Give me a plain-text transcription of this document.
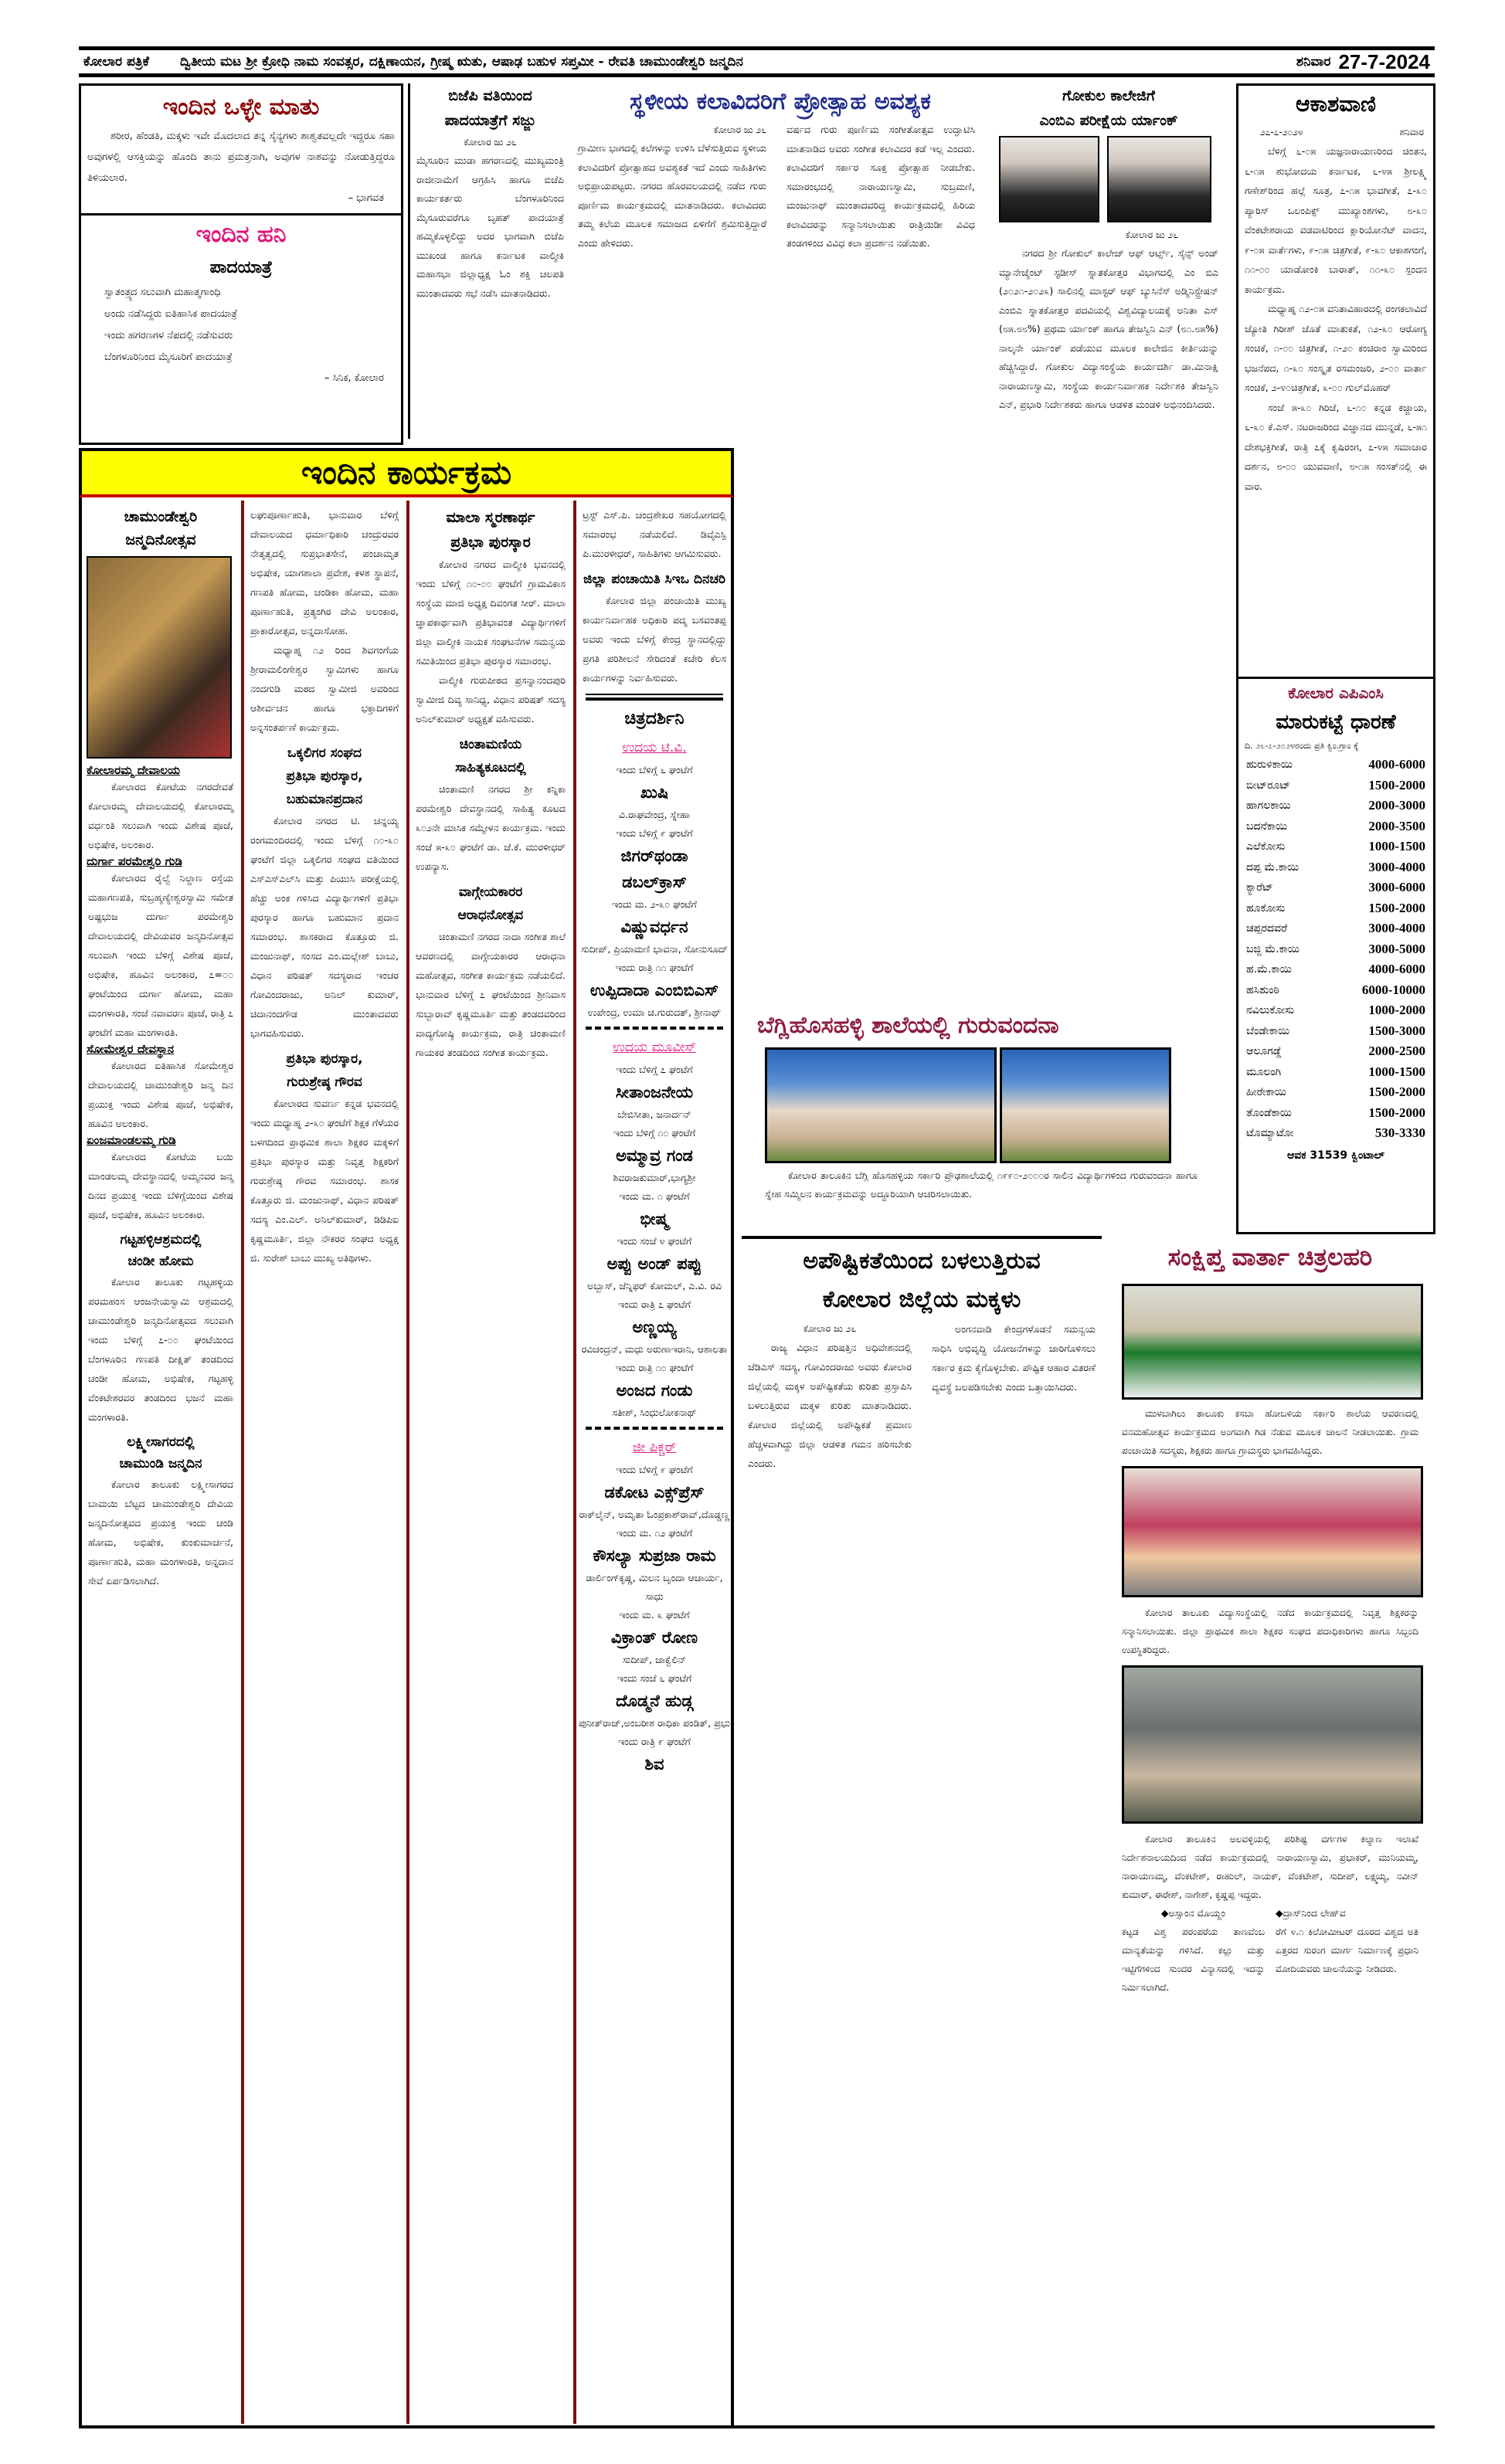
ಕೋಲಾರ ಪತ್ರಿಕೆ ದ್ವಿತೀಯ ಮಟ ಶ್ರೀ ಕ್ರೋಧಿ ನಾಮ ಸಂವತ್ಸರ, ದಕ್ಷಿಣಾಯನ, ಗ್ರೀಷ್ಮ ಋತು, ಆಷಾಢ ಬಹುಳ ಸಪ್ತಮೀ - ರೇವತಿ ಚಾಮುಂಡೇಶ್ವರಿ ಜನ್ಮದಿನ	ಶನಿವಾರ 27-7-2024
ಇಂದಿನ ಒಳ್ಳೇ ಮಾತು
ಶರೀರ, ಹೆಂಡತಿ, ಮಕ್ಕಳು ಇವೇ ಮೊದಲಾದ ತನ್ನ ಸೈನ್ಯಗಳು ಶಾಶ್ವತವಲ್ಲದೇ ಇದ್ದರೂ ಸಹಾ ಅವುಗಳಲ್ಲಿ ಆಸಕ್ತಿಯನ್ನು ಹೊಂದಿ ತಾನು ಪ್ರಮತ್ತನಾಗಿ, ಅವುಗಳ ನಾಶವನ್ನು ನೋಡುತ್ತಿದ್ದರೂ ತಿಳಿಯಲಾರ.
– ಭಾಗವತ
ಇಂದಿನ ಹನಿ
ಪಾದಯಾತ್ರೆ
ಸ್ವಾತಂತ್ರ್ಯದ ಸಲುವಾಗಿ ಮಹಾತ್ಮಗಾಂಧಿ
ಅಂದು ನಡೆಸಿದ್ದರು ಐತಿಹಾಸಿಕ ಪಾದಯಾತ್ರೆ
ಇಂದು ಹಗರಣಗಳ ನೆಪದಲ್ಲಿ ನಡೆಸುವರು
ಬೆಂಗಳೂರಿನಿಂದ ಮೈಸೂರಿಗೆ ಪಾದಯಾತ್ರೆ
– ಸಿನಿಕ, ಕೋಲಾರ
ಬಿಜೆಪಿ ವತಿಯಿಂದ
ಪಾದಯಾತ್ರೆಗೆ ಸಜ್ಜು
ಕೋಲಾರ ಜು ೨೬
ಮೈಸೂರಿನ ಮುಡಾ ಹಗರಣದಲ್ಲಿ ಮುಖ್ಯಮಂತ್ರಿ ರಾಜೀನಾಮೆಗೆ ಆಗ್ರಹಿಸಿ ಹಾಗೂ ಬಿಜೆಪಿ ಕಾರ್ಯಕರ್ತರು ಬೆಂಗಳೂರಿನಿಂದ ಮೈಸೂರುವರೆಗೂ ಬೃಹತ್ ಪಾದಯಾತ್ರೆ ಹಮ್ಮಿಕೊಳ್ಳಲಿದ್ದು ಅದರ ಭಾಗವಾಗಿ ಬಿಜೆಪಿ ಮುಖಂಡ ಹಾಗೂ ಕರ್ನಾಟಕ ವಾಲ್ಮೀಕಿ ಮಹಾಸಭಾ ಜಿಲ್ಲಾಧ್ಯಕ್ಷ ಓಂ ಶಕ್ತಿ ಚಲಪತಿ ಮುಂತಾದವರು ಸಭೆ ನಡೆಸಿ ಮಾತನಾಡಿದರು.
ಸ್ಥಳೀಯ ಕಲಾವಿದರಿಗೆ ಪ್ರೋತ್ಸಾಹ ಅವಶ್ಯಕ
ಕೋಲಾರ ಜು ೨೬
ಗ್ರಾಮೀಣ ಭಾಗದಲ್ಲಿ ಕಲೆಗಳನ್ನು ಉಳಿಸಿ ಬೆಳೆಸುತ್ತಿರುವ ಸ್ಥಳೀಯ ಕಲಾವಿದರಿಗೆ ಪ್ರೋತ್ಸಾಹದ ಅವಶ್ಯಕತೆ ಇದೆ ಎಂದು ಸಾಹಿತಿಗಳು ಅಭಿಪ್ರಾಯಪಟ್ಟರು. ನಗರದ ಹೊರವಲಯದಲ್ಲಿ ನಡೆದ ಗುರು ಪೂರ್ಣಿಮ ಕಾರ್ಯಕ್ರಮದಲ್ಲಿ ಮಾತನಾಡಿದರು. ಕಲಾವಿದರು ತಮ್ಮ ಕಲೆಯ ಮೂಲಕ ಸಮಾಜದ ಏಳಿಗೆಗೆ ಶ್ರಮಿಸುತ್ತಿದ್ದಾರೆ ಎಂದು ಹೇಳಿದರು.
ವರ್ಷದ ಗುರು ಪೂರ್ಣಿಮ ಸಂಗೀತೋತ್ಸವ ಉದ್ಘಾಟಿಸಿ ಮಾತನಾಡಿದ ಅವರು ಸಂಗೀತ ಕಲಾವಿದರ ಕಡೆ ಇಲ್ಲ ಎಂದರು. ಕಲಾವಿದರಿಗೆ ಸರ್ಕಾರ ಸೂಕ್ತ ಪ್ರೋತ್ಸಾಹ ನೀಡಬೇಕು. ಸಮಾರಂಭದಲ್ಲಿ ನಾರಾಯಣಸ್ವಾಮಿ, ಸುಬ್ರಮಣಿ, ಮಂಜುನಾಥ್ ಮುಂತಾದವರಿದ್ದ ಕಾರ್ಯಕ್ರಮದಲ್ಲಿ ಹಿರಿಯ ಕಲಾವಿದರನ್ನು ಸನ್ಮಾನಿಸಲಾಯಿತು ರಾತ್ರಿಯಿಡೀ ವಿವಿಧ ತಂಡಗಳಿಂದ ವಿವಿಧ ಕಲಾ ಪ್ರದರ್ಶನ ನಡೆಯಿತು.
ಗೋಕುಲ ಕಾಲೇಜಿಗೆ
ಎಂಬಿಎ ಪರೀಕ್ಷೆಯ ರ್ಯಾಂಕ್
ಕೋಲಾರ ಜು ೨೬
ನಗರದ ಶ್ರೀ ಗೋಕುಲ್ ಕಾಲೇಜ್ ಆಫ್ ಆರ್ಟ್ಸ್, ಸೈನ್ಸ್ ಅಂಡ್ ಮ್ಯಾನೇಜ್ಮೆಂಟ್ ಸ್ಟಡೀಸ್ ಸ್ನಾತಕೋತ್ತರ ವಿಭಾಗದಲ್ಲಿ ಎಂ ಬಿಎ (೨೦೨೧-೨೦೨೩) ಸಾಲಿನಲ್ಲಿ ಮಾಸ್ಟರ್ ಆಫ್ ಬ್ಯುಸಿನೆಸ್ ಅಡ್ಮಿನಿಸ್ಟ್ರೇಷನ್ ಎಂಬಿಎ ಸ್ನಾತಕೋತ್ತರ ಪದವಿಯಲ್ಲಿ ವಿಶ್ವವಿದ್ಯಾಲಯಕ್ಕೆ ಅನಿತಾ ಎಸ್ (೮೫.೮೮%) ಪ್ರಥಮ ರ್ಯಾಂಕ್ ಹಾಗೂ ತೇಜಸ್ವಿನಿ ಎನ್ (೮೧.೮೫%) ನಾಲ್ಕನೇ ರ್ಯಾಂಕ್ ಪಡೆಯುವ ಮೂಲಕ ಕಾಲೇಜಿನ ಕೀರ್ತಿಯನ್ನು ಹೆಚ್ಚಿಸಿದ್ದಾರೆ. ಗೋಕುಲ ವಿದ್ಯಾಸಂಸ್ಥೆಯ ಕಾರ್ಯದರ್ಶಿ ಡಾ.ಮಿನಾಕ್ಷಿ ನಾರಾಯಣಸ್ವಾಮಿ, ಸಂಸ್ಥೆಯ ಕಾರ್ಯನಿರ್ವಾಹಕ ನಿರ್ದೇಶಕಿ ತೇಜಸ್ವಿನಿ ಎನ್, ಪ್ರಭಾರಿ ನಿರ್ದೇಶಕರು ಹಾಗೂ ಆಡಳಿತ ಮಂಡಳಿ ಅಭಿನಂದಿಸಿದರು.
ಆಕಾಶವಾಣಿ
೨೭-೭-೨೦೨೪	ಶನಿವಾರ
ಬೆಳಿಗ್ಗೆ ೬-೦೫ ಯಜ್ಞನಾರಾಯಣರಿಂದ ಚಿಂತನ, ೬-೧೫ ಶುಭೋದಯ ಕರ್ನಾಟಕ, ೬-೪೫ ಶ್ರೀಲಕ್ಷ್ಮಿ ಗಣೇಶ್‌ರಿಂದ ಹಲ್ಲೆ ಸೂತ್ರ, ೭-೧೫ ಭಾವಗೀತೆ, ೭-೩೦ ಪ್ಯಾರಿಸ್ ಒಲಂಪಿಕ್ಸ್ ಮುಖ್ಯಾಂಶಗಳು, ೮-೩೦ ವೆಂಕಟೇಶರಾಯ ವಡವಾಟಿರಿಂದ ಕ್ಲಾರಿಯೋನೆಟ್ ವಾದನ, ೯-೦೫ ವಾರ್ತೆಗಳು, ೯-೧೫ ಚಿತ್ರಗೀತೆ, ೯-೩೦ ಆಕಾಶಗಂಗೆ, ೧೧-೦೦ ಯಾಡೋಂಕಿ ಬಾರಾತ್, ೧೧-೩೦ ಸ್ಪಂದನ ಕಾರ್ಯಕ್ರಮ.
ಮಧ್ಯಾಹ್ನ ೧೨-೦೫ ವನಿತಾವಿಹಾರದಲ್ಲಿ ರಂಗಕಲಾವಿದೆ ಜ್ಯೋತಿ ಗಿರೀಶ್ ಜೊತೆ ಮಾತುಕತೆ, ೧೨-೩೦ ಆರೋಗ್ಯ ಸಂಚಿಕೆ, ೧-೦೦ ಚಿತ್ರಗೀತೆ, ೧-೨೦ ಕಂಚಿರಾಂ ಸ್ವಾಮಿರಿಂದ ಭಜನೆಪದ, ೧-೩೦ ಸಂಸ್ಕೃತ ರಸಮಂಜರಿ, ೨-೦೦ ವಾರ್ತಾ ಸಂಚಿಕೆ, ೨-೪೦ಚಿತ್ರಗೀತೆ, ೩-೦೦ ಗುಲ್‌ಮೊಹರ್
ಸಂಜೆ ೫-೩೦ ಗಿರಿಜೆ, ೬-೧೦ ಕನ್ನಡ ಕಜ್ಜಾಯ, ೬-೩೦ ಕೆ.ಎಸ್. ನಟರಾಜರಿಂದ ವಿಜ್ಞಾನದ ಮುನ್ನಡೆ, ೬-೫೧ ದೇಶಭಕ್ತಿಗೀತೆ, ರಾತ್ರಿ ೭ಕ್ಕೆ ಕೃಷಿರಂಗ, ೭-೪೫ ಸಮಾಚಾರ ದರ್ಶನ, ೮-೦೦ ಯುವವಾಣಿ, ೮-೧೫ ಸಂಸತ್‌ನಲ್ಲಿ ಈ ವಾರ.
ಕೋಲಾರ ಎಪಿಎಂಸಿ
ಮಾರುಕಟ್ಟೆ ಧಾರಣೆ
ದಿ. ೨೬-೭-೨೦೨೪ರಂದು ಪ್ರತಿ ಕ್ವಿಂ.ಗ್ರಾಂ ಕ್ಕೆ
ಹುರುಳಿಕಾಯಿ	4000-6000
ಬೀಟ್‌ರೂಟ್	1500-2000
ಹಾಗಲಕಾಯಿ	2000-3000
ಬದನೆಕಾಯಿ	2000-3500
ಎಲೆಕೋಸು	1000-1500
ದಪ್ಪ ಮೆ.ಕಾಯಿ	3000-4000
ಕ್ಯಾರೆಟ್	3000-6000
ಹೂಕೋಸು	1500-2000
ಚಪ್ಪರದವರೆ	3000-4000
ಬಜ್ಜಿ ಮೆ.ಕಾಯಿ	3000-5000
ಹ.ಮೆ.ಕಾಯಿ	4000-6000
ಹಸಿಶುಂಠಿ	6000-10000
ನವಿಲುಕೋಸು	1000-2000
ಬೆಂಡೇಕಾಯಿ	1500-3000
ಆಲೂಗಡ್ಡೆ	2000-2500
ಮೂಲಂಗಿ	1000-1500
ಹೀರೇಕಾಯಿ	1500-2000
ತೊಂಡೆಕಾಯಿ	1500-2000
ಟೊಮ್ಯಾಟೋ	530-3330
ಆವಕ 31539 ಕ್ವಿಂಟಾಲ್
ಇಂದಿನ ಕಾರ್ಯಕ್ರಮ
ಚಾಮುಂಡೇಶ್ವರಿ
ಜನ್ಮದಿನೋತ್ಸವ
ಕೋಲಾರಮ್ಮ ದೇವಾಲಯ
ಕೋಲಾರದ ಕೋಟೆಯ ನಗರದೇವತೆ ಕೋಲಾರಮ್ಮ ದೇವಾಲಯದಲ್ಲಿ ಕೋಲಾರಮ್ಮ ವರ್ಧಂತಿ ಸಲುವಾಗಿ ಇಂದು ವಿಶೇಷ ಪೂಜೆ, ಅಭಿಷೇಕ, ಅಲಂಕಾರ.
ದುರ್ಗಾ ಪರಮೇಶ್ವರಿ ಗುಡಿ
ಕೋಲಾರದ ರೈಲ್ವೆ ನಿಲ್ದಾಣ ರಸ್ತೆಯ ಮಹಾಗಣಪತಿ, ಸುಬ್ರಹ್ಮಣ್ಯೇಶ್ವರಸ್ವಾಮಿ ಸಮೇತ ಅಷ್ಟಭುಜ ದುರ್ಗಾ ಪರಮೇಶ್ವರಿ ದೇವಾಲಯದಲ್ಲಿ ದೇವಿಯವರ ಜನ್ಮದಿನೋತ್ಸವ ಸಲುವಾಗಿ ಇಂದು ಬೆಳಿಗ್ಗೆ ವಿಶೇಷ ಪೂಜೆ, ಅಭಿಷೇಕ, ಹೂವಿನ ಅಲಂಕಾರ, ೭=೦೦ ಘಂಟೆಯಿಂದ ದುರ್ಗಾ ಹೋಮ, ಮಹಾ ಮಂಗಳಾರತಿ, ಸಂಜೆ ನವಾವರಣ ಪೂಜೆ, ರಾತ್ರಿ ೭ ಘಂಟೆಗೆ ಮಹಾ ಮಂಗಳಾರತಿ.
ಸೋಮೇಶ್ವರ ದೇವಸ್ಥಾನ
ಕೋಲಾರದ ಐತಿಹಾಸಿಕ ಸೋಮೇಶ್ವರ ದೇವಾಲಯದಲ್ಲಿ ಚಾಮುಂಡೇಶ್ವರಿ ಜನ್ಮ ದಿನ ಪ್ರಯುಕ್ತ ಇಂದು ವಿಶೇಷ ಪೂಜೆ, ಅಭಿಷೇಕ, ಹೂವಿನ ಅಲಂಕಾರ.
ಏಂಜಮಾಂಡಲಮ್ಮ ಗುಡಿ
ಕೋಲಾರದ ಕೋಟೆಯ ಬಯಿ ಮಾಂಡಲಮ್ಮ ದೇವಸ್ಥಾನದಲ್ಲಿ ಅಮ್ಮನವರ ಜನ್ಮ ದಿನದ ಪ್ರಯುಕ್ತ ಇಂದು ಬೆಳಿಗ್ಗೆಯಿಂದ ವಿಶೇಷ ಪೂಜೆ, ಅಭಿಷೇಕ, ಹೂವಿನ ಅಲಂಕಾರ.
ಗಟ್ಟಹಳ್ಳಿಆಶ್ರಮದಲ್ಲಿ
ಚಂಡೀ ಹೋಮ
ಕೋಲಾರ ತಾಲೂಕು ಗಟ್ಟಹಳ್ಳಿಯ ಪರಮಹಂಸ ಆಂಜನೇಯಸ್ವಾಮಿ ಆಶ್ರಮದಲ್ಲಿ ಚಾಮುಂಡೇಶ್ವರಿ ಜನ್ಮದಿನೋತ್ಸವದ ಸಲುವಾಗಿ ಇಂದು ಬೆಳಿಗ್ಗೆ ೭-೦೦ ಘಂಟೆಯಿಂದ ಬೆಂಗಳೂರಿನ ಗಣಪತಿ ದೀಕ್ಷಿತ್ ತಂಡದಿಂದ ಚಂಡೀ ಹೋಮ, ಅಭಿಷೇಕ, ಗಟ್ಟಹಳ್ಳಿ ವೆಂಕಟೇಶರವರ ತಂಡದಿಂದ ಭಜನೆ ಮಹಾ ಮಂಗಳಾರತಿ.
ಲಕ್ಷ್ಮೀಸಾಗರದಲ್ಲಿ
ಚಾಮುಂಡಿ ಜನ್ಮದಿನ
ಕೋಲಾರ ತಾಲೂಕು ಲಕ್ಷ್ಮೀಸಾಗರದ ಬಾಮಯಿ ಬೆಟ್ಟದ ಚಾಮುಂಡೇಶ್ವರಿ ದೇವಿಯ ಜನ್ಮದಿನೋತ್ಸವದ ಪ್ರಯುಕ್ತ ಇಂದು ಚಂಡಿ ಹೋಮ, ಅಭಿಷೇಕ, ಕುಂಕುಮಾರ್ಚನೆ, ಪೂರ್ಣಾಹುತಿ, ಮಹಾ ಮಂಗಳಾರತಿ, ಅನ್ನದಾನ ಸೇವೆ ಏರ್ಪಡಿಸಲಾಗಿದೆ.
ಲಘುಪೂರ್ಣಾಹುತಿ, ಭಾನುವಾರ ಬೆಳಿಗ್ಗೆ ದೇವಾಲಯದ ಧರ್ಮಾಧಿಕಾರಿ ಚಂದ್ರುರವರ ನೇತೃತ್ವದಲ್ಲಿ ಸುಪ್ರಭಾತಸೇನೆ, ಪಂಚಾಮೃತ ಅಭಿಷೇಕ, ಯಾಗಶಾಲಾ ಪ್ರವೇಶ, ಕಳಶ ಸ್ಥಾಪನೆ, ಗಣಪತಿ ಹೋಮ, ಚಂಡಿಕಾ ಹೋಮ, ಮಹಾ ಪೂರ್ಣಾಹುತಿ, ಪ್ರತ್ಯಂಗಿರ ದೇವಿ ಅಲಂಕಾರ, ಪ್ರಾಕಾರೋತ್ಸವ, ಅನ್ನದಾಸೋಹ.
ಮಧ್ಯಾಹ್ನ ೧೨ ರಿಂದ ಶಿವಗಂಗೆಯ ಶ್ರೀರಾಮಲಿಂಗೇಶ್ವರ ಸ್ವಾಮಿಗಳು ಹಾಗೂ ನಂದಗುಡಿ ಮಠದ ಸ್ವಾಮೀಜಿ ಅವರಿಂದ ಆಶೀರ್ವಚನ ಹಾಗೂ ಭಕ್ತಾದಿಗಳಿಗೆ ಅನ್ನಸಂತರ್ಪಣೆ ಕಾರ್ಯಕ್ರಮ.
ಒಕ್ಕಲಿಗರ ಸಂಘದ
ಪ್ರತಿಭಾ ಪುರಸ್ಕಾರ,
ಬಹುಮಾನಪ್ರದಾನ
ಕೋಲಾರ ನಗರದ ಟಿ. ಚನ್ನಯ್ಯ ರಂಗಮಂದಿರದಲ್ಲಿ ಇಂದು ಬೆಳಿಗ್ಗೆ ೧೦-೩೦ ಘಂಟೆಗೆ ಜಿಲ್ಲಾ ಒಕ್ಕಲಿಗರ ಸಂಘದ ವತಿಯಿಂದ ಎಸ್ಎಸ್ಎಲ್‌ಸಿ ಮತ್ತು ಪಿಯುಸಿ ಪರೀಕ್ಷೆಯಲ್ಲಿ ಹೆಚ್ಚು ಅಂಕ ಗಳಿಸಿದ ವಿದ್ಯಾರ್ಥಿಗಳಿಗೆ ಪ್ರತಿಭಾ ಪುರಸ್ಕಾರ ಹಾಗೂ ಬಹುಮಾನ ಪ್ರದಾನ ಸಮಾರಂಭ. ಶಾಸಕರಾದ ಕೊತ್ತೂರು ಜಿ. ಮಂಜುನಾಥ್, ಸಂಸದ ಎಂ.ಮಲ್ಲೇಶ್ ಬಾಬು, ವಿಧಾನ ಪರಿಷತ್ ಸದಸ್ಯರಾದ ಇಂಚರ ಗೋವಿಂದರಾಜು, ಅನಿಲ್ ಕುಮಾರ್, ಚಿದಾನಂದಗೌಡ ಮುಂತಾದವರು ಭಾಗವಹಿಸುವರು.
ಪ್ರತಿಭಾ ಪುರಸ್ಕಾರ,
ಗುರುಶ್ರೇಷ್ಠ ಗೌರವ
ಕೋಲಾರದ ಸುವರ್ಣ ಕನ್ನಡ ಭವನದಲ್ಲಿ ಇಂದು ಮಧ್ಯಾಹ್ನ ೨-೩೦ ಘಂಟೆಗೆ ಶಿಕ್ಷಕ ಗೆಳೆಯರ ಬಳಗದಿಂದ ಪ್ರಾಥಮಿಕ ಶಾಲಾ ಶಿಕ್ಷಕರ ಮಕ್ಕಳಿಗೆ ಪ್ರತಿಭಾ ಪುರಸ್ಕಾರ ಮತ್ತು ನಿವೃತ್ತ ಶಿಕ್ಷಕರಿಗೆ ಗುರುಶ್ರೇಷ್ಠ ಗೌರವ ಸಮಾರಂಭ. ಶಾಸಕ ಕೊತ್ತೂರು ಜಿ. ಮಂಜುನಾಥ್, ವಿಧಾನ ಪರಿಷತ್ ಸದಸ್ಯ ಎಂ.ಎಲ್. ಅನಿಲ್‌ಕುಮಾರ್, ಡಿಡಿಪಿಐ ಕೃಷ್ಣಮೂರ್ತಿ, ಜಿಲ್ಲಾ ನೌಕರರ ಸಂಘದ ಅಧ್ಯಕ್ಷ ಜಿ. ಸುರೇಶ್ ಬಾಬು ಮುಖ್ಯ ಅತಿಥಿಗಳು.
ಮಾಲಾ ಸ್ಮರಣಾರ್ಥ
ಪ್ರತಿಭಾ ಪುರಸ್ಕಾರ
ಕೋಲಾರ ನಗರದ ವಾಲ್ಮೀಕಿ ಭವನದಲ್ಲಿ ಇಂದು ಬೆಳಿಗ್ಗೆ ೧೦-೦೦ ಘಂಟೆಗೆ ಗ್ರಾಮವಿಕಾಸ ಸಂಸ್ಥೆಯ ಮಾಜಿ ಅಧ್ಯಕ್ಷ ದಿವಂಗತ ಸೀರ್. ಮಾಲಾ ಜ್ಞಾಪಕಾರ್ಥವಾಗಿ ಪ್ರತಿಭಾವಂತ ವಿದ್ಯಾರ್ಥಿಗಳಿಗೆ ಜಿಲ್ಲಾ ವಾಲ್ಮೀಕಿ ನಾಯಕ ಸಂಘಟನೆಗಳ ಸಮನ್ವಯ ಸಮಿತಿಯಿಂದ ಪ್ರತಿಭಾ ಪುರಸ್ಕಾರ ಸಮಾರಂಭ.
ವಾಲ್ಮೀಕಿ ಗುರುಪೀಠದ ಪ್ರಸನ್ನಾನಂದಪುರಿ ಸ್ವಾಮೀಜಿ ದಿವ್ಯ ಸಾನಿಧ್ಯ, ವಿಧಾನ ಪರಿಷತ್ ಸದಸ್ಯ ಅನಿಲ್‌ಕುಮಾರ್ ಅಧ್ಯಕ್ಷತೆ ವಹಿಸುವರು.
ಚಿಂತಾಮಣಿಯ
ಸಾಹಿತ್ಯಕೂಟದಲ್ಲಿ
ಚಿಂತಾಮಣಿ ನಗರದ ಶ್ರೀ ಕನ್ನಿಕಾ ಪರಮೇಶ್ವರಿ ದೇವಸ್ಥಾನದಲ್ಲಿ ಸಾಹಿತ್ಯ ಕೂಟದ ೩೦೨ನೇ ಮಾಸಿಕ ಸಮ್ಮೇಳನ ಕಾರ್ಯಕ್ರಮ. ಇಂದು ಸಂಜೆ ೫-೩೦ ಘಂಟೆಗೆ ಡಾ. ಜೆ.ಕೆ. ಮುರಳೀಧರ್ ಉಪನ್ಯಾಸ.
ವಾಗ್ಗೇಯಕಾರರ
ಆರಾಧನೋತ್ಸವ
ಚಿಂತಾಮಣಿ ನಗರದ ನಾದಾ ಸಂಗೀತ ಶಾಲೆ ಆವರಣದಲ್ಲಿ ವಾಗ್ಗೇಯಕಾರರ ಆರಾಧನಾ ಮಹೋತ್ಸವ, ಸಂಗೀತ ಕಾರ್ಯಕ್ರಮ ನಡೆಯಲಿದೆ. ಭಾನುವಾರ ಬೆಳಿಗ್ಗೆ ೭ ಘಂಟೆಯಿಂದ ಶ್ರೀನಿವಾಸ ಸುಬ್ಬಾರಾವ್ ಕೃಷ್ಣಮೂರ್ತಿ ಮತ್ತು ತಂಡದವರಿಂದ ವಾದ್ಯಗೋಷ್ಠಿ ಕಾರ್ಯಕ್ರಮ, ರಾತ್ರಿ ಚಿಂತಾಮಣಿ ಗಾಯಕರ ತಂಡದಿಂದ ಸಂಗೀತ ಕಾರ್ಯಕ್ರಮ.
ಟ್ರಸ್ಟ್ ಎಸ್.ಪಿ. ಚಂದ್ರಶೇಖರ ಸಹಯೋಗದಲ್ಲಿ ಸಮಾರಂಭ ನಡೆಯಲಿದೆ. ಡಿವೈಎಸ್ಪಿ ಪಿ.ಮುರಳೀಧರ್, ಸಾಹಿತಿಗಳು ಆಗಮಿಸುವರು.
ಜಿಲ್ಲಾ ಪಂಚಾಯಿತಿ ಸಿಇಒ ದಿನಚರಿ
ಕೋಲಾರ ಜಿಲ್ಲಾ ಪಂಚಾಯಿತಿ ಮುಖ್ಯ ಕಾರ್ಯನಿರ್ವಾಹಕ ಅಧಿಕಾರಿ ಪದ್ಮ ಬಸವಂತಪ್ಪ ಅವರು ಇಂದು ಬೆಳಿಗ್ಗೆ ಕೇಂದ್ರ ಸ್ಥಾನದಲ್ಲಿದ್ದು ಪ್ರಗತಿ ಪರಿಶೀಲನೆ ಸೇರಿದಂತೆ ಕಚೇರಿ ಕೆಲಸ ಕಾರ್ಯಗಳನ್ನು ನಿರ್ವಹಿಸುವರು.
ಚಿತ್ರದರ್ಶಿನಿ
ಉದಯ ಟಿ.ವಿ.
ಇಂದು ಬೆಳಿಗ್ಗೆ ೬ ಘಂಟೆಗೆ
ಖುಷಿ
ವಿ.ರಾಘವೇಂದ್ರ, ಸ್ನೇಹಾ
ಇಂದು ಬೆಳಿಗ್ಗೆ ೯ ಘಂಟೆಗೆ
ಜಿಗರ್‌ಥಂಡಾ
ಡಬಲ್‌ಕ್ರಾಸ್
ಇಂದು ಮ. ೨-೩೦ ಘಂಟೆಗೆ
ವಿಷ್ಣುವರ್ಧನ
ಸುದೀಪ್, ಪ್ರಿಯಾಮಣಿ ಭಾವನಾ, ಸೋನುಸೂದ್
ಇಂದು ರಾತ್ರಿ ೧೧ ಘಂಟೆಗೆ
ಉಪ್ಪಿದಾದಾ ಎಂಬಿಬಿಎಸ್
ಉಪೇಂದ್ರ, ಉಮಾ ಚಿ.ಗುರುದತ್, ಶ್ರೀನಾಥ್
ಉದಯ ಮೂವೀಸ್
ಇಂದು ಬೆಳಿಗ್ಗೆ ೭ ಘಂಟೆಗೆ
ಸೀತಾಂಜನೇಯ
ಬೇಬಿಸೀತಾ, ಜನಾರ್ದನ್
ಇಂದು ಬೆಳಿಗ್ಗೆ ೧೦ ಘಂಟೆಗೆ
ಅಮ್ಮಾವ್ರ ಗಂಡ
ಶಿವರಾಜಕುಮಾರ್,ಭಾಗ್ಯಶ್ರೀ
ಇಂದು ಮ. ೧ ಘಂಟೆಗೆ
ಭೀಷ್ಮ
ಇಂದು ಸಂಜೆ ೪ ಘಂಟೆಗೆ
ಅಪ್ಪು ಅಂಡ್ ಪಪ್ಪು
ಅಬ್ಬಾಸ್, ಜೆನ್ನಿಫರ್ ಕೋಮಲ್, ಎ.ವಿ. ರವಿ
ಇಂದು ರಾತ್ರಿ ೭ ಘಂಟೆಗೆ
ಅಣ್ಣಯ್ಯ
ರವಿಚಂದ್ರನ್, ಮಧು ಅರುಣಾಇರಾನಿ, ಆಶಾಲತಾ
ಇಂದು ರಾತ್ರಿ ೧೦ ಘಂಟೆಗೆ
ಅಂಜದ ಗಂಡು
ಸತೀಶ್, ಸಿಂಧುಲೋಕನಾಥ್
ಜೀ ಪಿಕ್ಚರ್
ಇಂದು ಬೆಳಿಗ್ಗೆ ೯ ಘಂಟೆಗೆ
ಡಕೋಟ ಎಕ್ಸ್‌ಪ್ರೆಸ್
ರಾಕ್‌ಲೈನ್, ಅಮೃತಾ ಓಂಪ್ರಕಾಶ್‌ರಾವ್,ದೊಡ್ಡಣ್ಣ
ಇಂದು ಮ. ೧೨ ಘಂಟೆಗೆ
ಕೌಸಲ್ಯಾ ಸುಪ್ರಜಾ ರಾಮ
ಡಾರ್ಲಿಂಗ್‌ಕೃಷ್ಣ, ಮಿಲನ ಬೃಂದಾ ಆಚಾರ್ಯ, ಸಾಧು
ಇಂದು ಮ. ೩ ಘಂಟೆಗೆ
ವಿಕ್ರಾಂತ್ ರೋಣ
ಸುದೀಪ್, ಜಾಕ್ವೆಲಿನ್
ಇಂದು ಸಂಜೆ ೬ ಘಂಟೆಗೆ
ದೊಡ್ಮನೆ ಹುಡ್ಗ
ಪುನೀತ್‌ರಾಜ್,ಅಂಬರೀಶ ರಾಧಿಕಾ ಪಂಡಿತ್, ಪ್ರಭು
ಇಂದು ರಾತ್ರಿ ೯ ಘಂಟೆಗೆ
ಶಿವ
ಬೆಗ್ಲಿಹೊಸಹಳ್ಳಿ ಶಾಲೆಯಲ್ಲಿ ಗುರುವಂದನಾ
ಕೋಲಾರ ತಾಲೂಕಿನ ಬೆಗ್ಲಿ ಹೊಸಹಳ್ಳಿಯ ಸರ್ಕಾರಿ ಪ್ರೌಢಶಾಲೆಯಲ್ಲಿ ೧೯೯೦-೨೦೦೦ರ ಸಾಲಿನ ವಿದ್ಯಾರ್ಥಿಗಳಿಂದ ಗುರುವಂದನಾ ಹಾಗೂ ಸ್ನೇಹ ಸಮ್ಮಿಲನ ಕಾರ್ಯಕ್ರಮವನ್ನು ಅದ್ದೂರಿಯಾಗಿ ಆಚರಿಸಲಾಯಿತು.
ಅಪೌಷ್ಟಿಕತೆಯಿಂದ ಬಳಲುತ್ತಿರುವ
ಕೋಲಾರ ಜಿಲ್ಲೆಯ ಮಕ್ಕಳು
ಕೋಲಾರ ಜು ೨೬
ರಾಜ್ಯ ವಿಧಾನ ಪರಿಷತ್ತಿನ ಅಧಿವೇಶನದಲ್ಲಿ ಜೆಡಿಎಸ್ ಸದಸ್ಯ, ಗೋವಿಂದರಾಜು ಅವರು ಕೋಲಾರ ಜಿಲ್ಲೆಯಲ್ಲಿ ಮಕ್ಕಳ ಅಪೌಷ್ಟಿಕತೆಯ ಕುರಿತು ಪ್ರಸ್ತಾಪಿಸಿ ಬಳಲುತ್ತಿರುವ ಮಕ್ಕಳ ಕುರಿತು ಮಾತನಾಡಿದರು. ಕೋಲಾರ ಜಿಲ್ಲೆಯಲ್ಲಿ ಅಪೌಷ್ಟಿಕತೆ ಪ್ರಮಾಣ ಹೆಚ್ಚಳವಾಗಿದ್ದು ಜಿಲ್ಲಾ ಆಡಳಿತ ಗಮನ ಹರಿಸಬೇಕು ಎಂದರು.
ಅಂಗನವಾಡಿ ಕೇಂದ್ರಗಳೊಡನೆ ಸಮನ್ವಯ ಸಾಧಿಸಿ ಅಭಿವೃದ್ಧಿ ಯೋಜನೆಗಳನ್ನು ಜಾರಿಗೊಳಿಸಲು ಸರ್ಕಾರ ಕ್ರಮ ಕೈಗೊಳ್ಳಬೇಕು. ಪೌಷ್ಟಿಕ ಆಹಾರ ವಿತರಣೆ ವ್ಯವಸ್ಥೆ ಬಲಪಡಿಸಬೇಕು ಎಂದು ಒತ್ತಾಯಿಸಿದರು.
ಸಂಕ್ಷಿಪ್ತ ವಾರ್ತಾ ಚಿತ್ರಲಹರಿ
ಮುಳಬಾಗಿಲು ತಾಲೂಕು ಕಸಬಾ ಹೋಬಳಿಯ ಸರ್ಕಾರಿ ಶಾಲೆಯ ಆವರಣದಲ್ಲಿ ವನಮಹೋತ್ಸವ ಕಾರ್ಯಕ್ರಮದ ಅಂಗವಾಗಿ ಗಿಡ ನೆಡುವ ಮೂಲಕ ಚಾಲನೆ ನೀಡಲಾಯಿತು. ಗ್ರಾಮ ಪಂಚಾಯಿತಿ ಸದಸ್ಯರು, ಶಿಕ್ಷಕರು ಹಾಗೂ ಗ್ರಾಮಸ್ಥರು ಭಾಗವಹಿಸಿದ್ದರು.
ಕೋಲಾರ ತಾಲೂಕು ವಿದ್ಯಾಸಂಸ್ಥೆಯಲ್ಲಿ ನಡೆದ ಕಾರ್ಯಕ್ರಮದಲ್ಲಿ ನಿವೃತ್ತ ಶಿಕ್ಷಕರನ್ನು ಸನ್ಮಾನಿಸಲಾಯಿತು. ಜಿಲ್ಲಾ ಪ್ರಾಥಮಿಕ ಶಾಲಾ ಶಿಕ್ಷಕರ ಸಂಘದ ಪದಾಧಿಕಾರಿಗಳು ಹಾಗೂ ಸಿಬ್ಬಂದಿ ಉಪಸ್ಥಿತರಿದ್ದರು.
ಕೋಲಾರ ತಾಲೂಕಿನ ಅಲವಳ್ಳಿಯಲ್ಲಿ ಪರಿಶಿಷ್ಟ ವರ್ಗಗಳ ಕಲ್ಯಾಣ ಇಲಾಖೆ ನಿರ್ದೇಶನಾಲಯದಿಂದ ನಡೆದ ಕಾರ್ಯಕ್ರಮದಲ್ಲಿ ನಾರಾಯಣಸ್ವಾಮಿ, ಪ್ರಭಾಕರ್, ಮುನಿಯಮ್ಮ, ನಾರಾಯಣಮ್ಮ, ವೆಂಕಟೇಶ್, ರಾಹುಲ್, ನಾಯಕ್, ವೆಂಕಟೇಶ್, ಸುದೀಪ್, ಲಕ್ಷ್ಮಯ್ಯ, ನವೀನ್ ಕುಮಾರ್, ಈರೇಶ್, ನಾಗೇಶ್, ಕೃಷ್ಣಪ್ಪ ಇದ್ದರು.
◆ಅಸ್ಸಾಂನ ಮೊಯ್ದಂ
ಕಟ್ಟಡ ವಿಶ್ವ ಪರಂಪರೆಯ ತಾಣವೆಂಬ ಮಾನ್ಯತೆಯನ್ನು ಗಳಿಸಿದೆ. ಕಲ್ಲು ಮತ್ತು ಇಟ್ಟಿಗೆಗಳಿಂದ ಸುಂದರ ವಿನ್ಯಾಸದಲ್ಲಿ ಇದನ್ನು ನಿರ್ಮಿಸಲಾಗಿದೆ.
◆ದ್ರಾಸ್‌ನಿಂದ ಲೇಹ್‌ವ
ರೆಗೆ ೪.೧ ಕಿಲೋಮೀಟರ್ ದೂರದ ವಿಶ್ವದ ಅತಿ ಎತ್ತರದ ಸುರಂಗ ಮಾರ್ಗ ನಿರ್ಮಾಣಕ್ಕೆ ಪ್ರಧಾನಿ ಮೋದಿಯವರು ಚಾಲನೆಯನ್ನು ನೀಡಿದರು.
